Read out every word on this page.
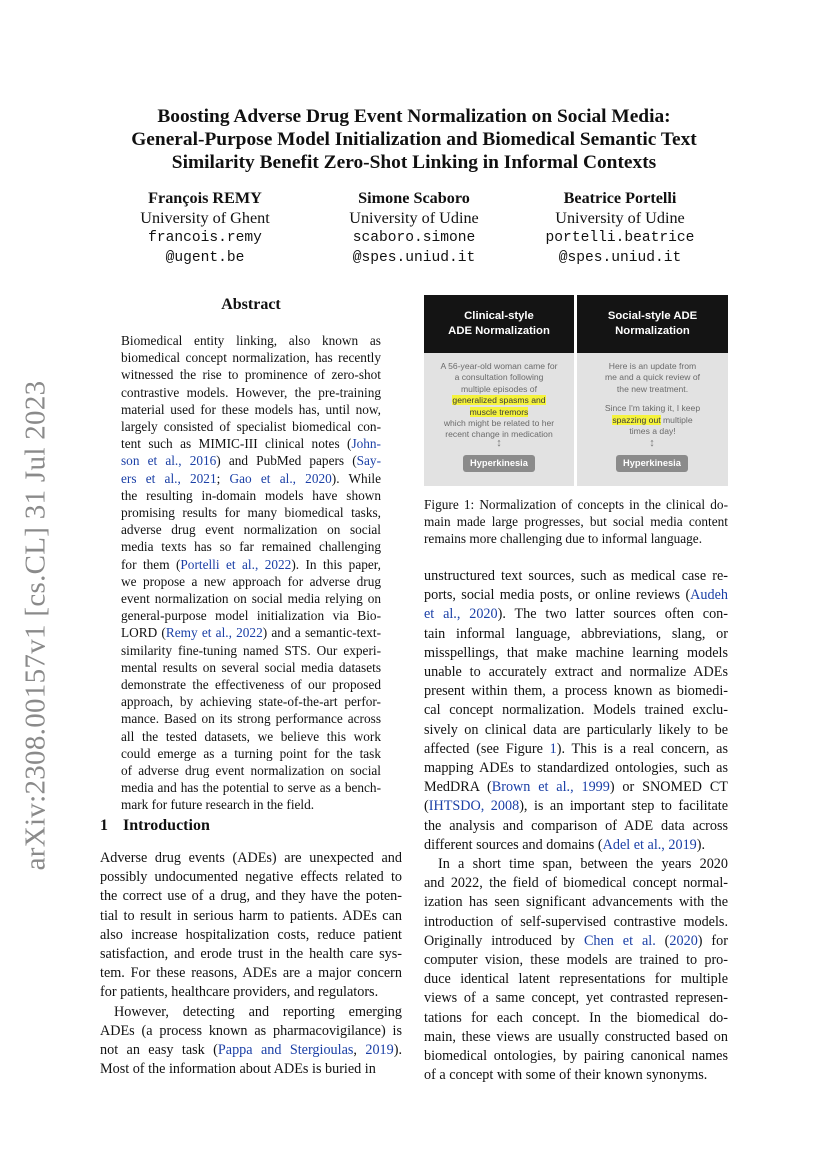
arXiv:2308.00157v1 [cs.CL] 31 Jul 2023
Boosting Adverse Drug Event Normalization on Social Media:
General-Purpose Model Initialization and Biomedical Semantic Text
Similarity Benefit Zero-Shot Linking in Informal Contexts
François REMY
University of Ghent
francois.remy
@ugent.be
Simone Scaboro
University of Udine
scaboro.simone
@spes.uniud.it
Beatrice Portelli
University of Udine
portelli.beatrice
@spes.uniud.it
Abstract
Biomedical entity linking, also known as
biomedical concept normalization, has recently
witnessed the rise to prominence of zero-shot
contrastive models. However, the pre-training
material used for these models has, until now,
largely consisted of specialist biomedical con-
tent such as MIMIC-III clinical notes (John-
son et al., 2016) and PubMed papers (Say-
ers et al., 2021; Gao et al., 2020). While
the resulting in-domain models have shown
promising results for many biomedical tasks,
adverse drug event normalization on social
media texts has so far remained challenging
for them (Portelli et al., 2022). In this paper,
we propose a new approach for adverse drug
event normalization on social media relying on
general-purpose model initialization via Bio-
LORD (Remy et al., 2022) and a semantic-text-
similarity fine-tuning named STS. Our experi-
mental results on several social media datasets
demonstrate the effectiveness of our proposed
approach, by achieving state-of-the-art perfor-
mance. Based on its strong performance across
all the tested datasets, we believe this work
could emerge as a turning point for the task
of adverse drug event normalization on social
media and has the potential to serve as a bench-
mark for future research in the field.
1 Introduction
Adverse drug events (ADEs) are unexpected and
possibly undocumented negative effects related to
the correct use of a drug, and they have the poten-
tial to result in serious harm to patients. ADEs can
also increase hospitalization costs, reduce patient
satisfaction, and erode trust in the health care sys-
tem. For these reasons, ADEs are a major concern
for patients, healthcare providers, and regulators.
However, detecting and reporting emerging
ADEs (a process known as pharmacovigilance) is
not an easy task (Pappa and Stergioulas, 2019).
Most of the information about ADEs is buried in
Clinical-style
ADE Normalization
Social-style ADE
Normalization
A 56-year-old woman came for
a consultation following
multiple episodes of
generalized spasms and
muscle tremors
which might be related to her
recent change in medication
Here is an update from
me and a quick review of
the new treatment.
Since I'm taking it, I keep
spazzing out multiple
times a day!
↕	↕
Hyperkinesia	Hyperkinesia
Figure 1: Normalization of concepts in the clinical do-
main made large progresses, but social media content
remains more challenging due to informal language.
unstructured text sources, such as medical case re-
ports, social media posts, or online reviews (Audeh
et al., 2020). The two latter sources often con-
tain informal language, abbreviations, slang, or
misspellings, that make machine learning models
unable to accurately extract and normalize ADEs
present within them, a process known as biomedi-
cal concept normalization. Models trained exclu-
sively on clinical data are particularly likely to be
affected (see Figure 1). This is a real concern, as
mapping ADEs to standardized ontologies, such as
MedDRA (Brown et al., 1999) or SNOMED CT
(IHTSDO, 2008), is an important step to facilitate
the analysis and comparison of ADE data across
different sources and domains (Adel et al., 2019).
In a short time span, between the years 2020
and 2022, the field of biomedical concept normal-
ization has seen significant advancements with the
introduction of self-supervised contrastive models.
Originally introduced by Chen et al. (2020) for
computer vision, these models are trained to pro-
duce identical latent representations for multiple
views of a same concept, yet contrasted represen-
tations for each concept. In the biomedical do-
main, these views are usually constructed based on
biomedical ontologies, by pairing canonical names
of a concept with some of their known synonyms.
